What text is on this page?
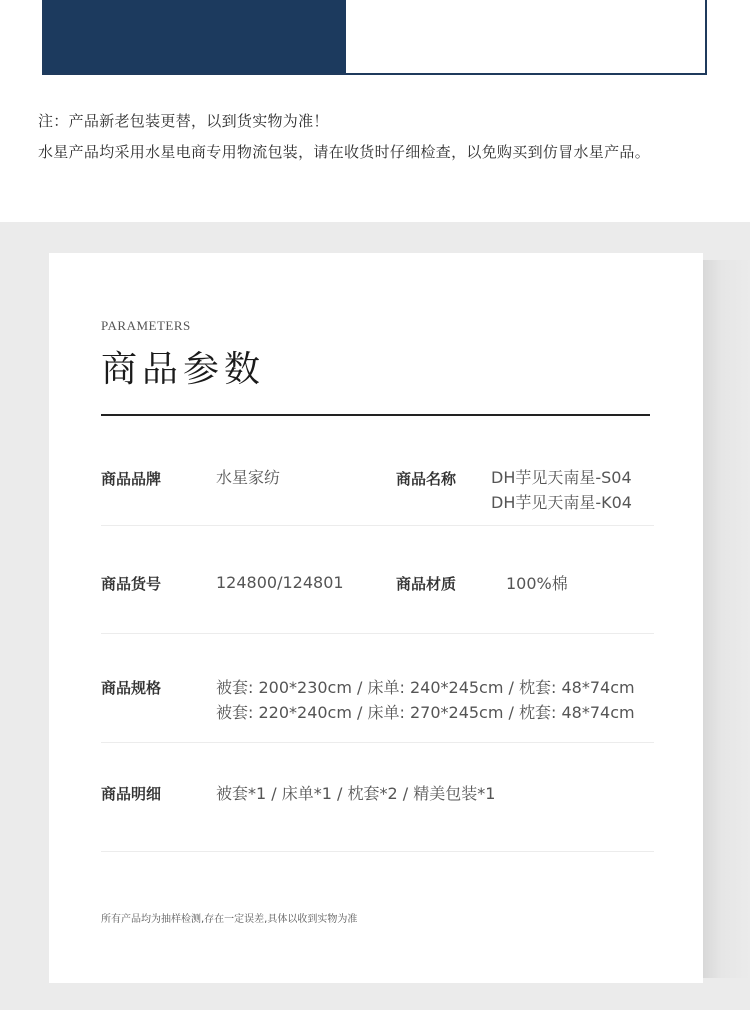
注：产品新老包装更替，以到货实物为准！
水星产品均采用水星电商专用物流包装，请在收货时仔细检查，以免购买到仿冒水星产品。
PARAMETERS
商品参数
商品品牌	水星家纺	商品名称 DH芋见天南星-S04
DH芋见天南星-K04
商品货号	124800/124801	商品材质	100%棉
商品规格	被套: 200*230cm / 床单: 240*245cm / 枕套: 48*74cm
被套: 220*240cm / 床单: 270*245cm / 枕套: 48*74cm
商品明细	被套*1 / 床单*1 / 枕套*2 / 精美包装*1
所有产品均为抽样检测,存在一定误差,具体以收到实物为准
